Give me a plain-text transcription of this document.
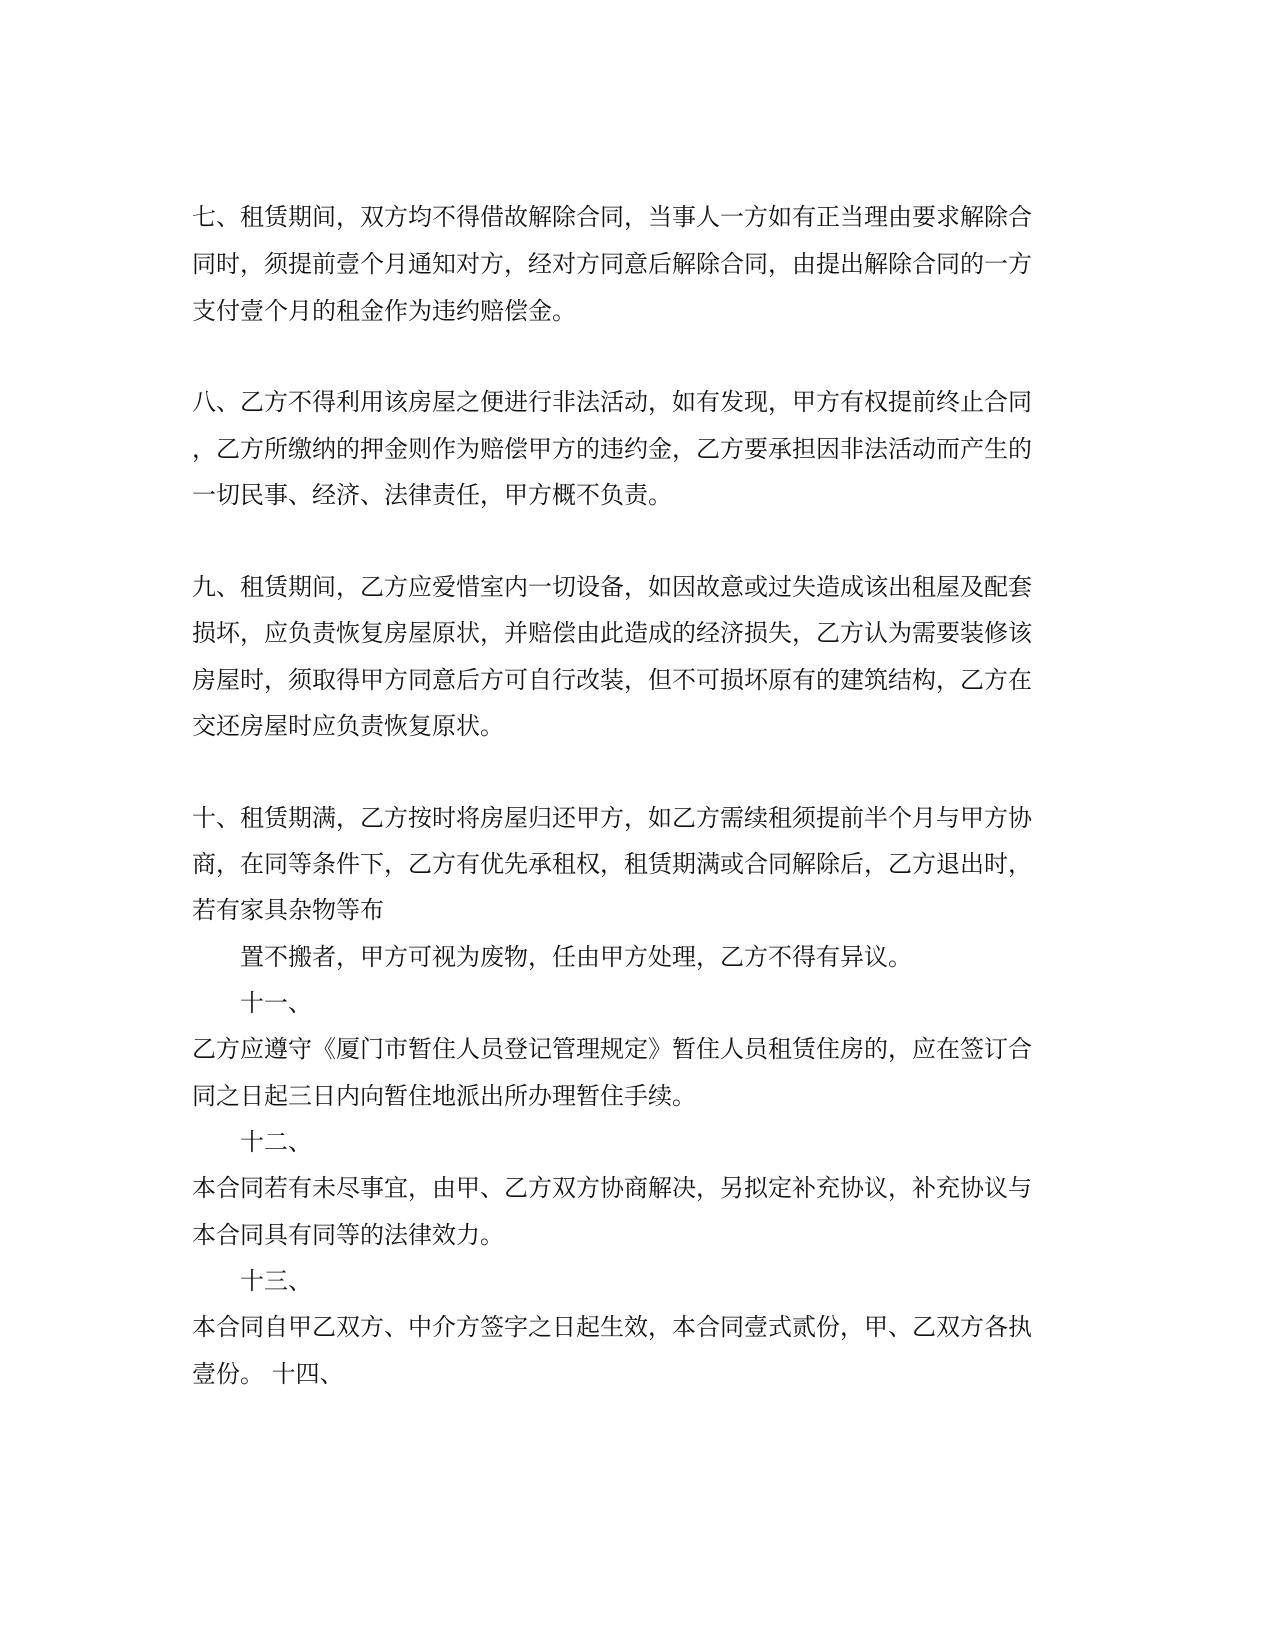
七、租赁期间，双方均不得借故解除合同，当事人一方如有正当理由要求解除合

同时，须提前壹个月通知对方，经对方同意后解除合同，由提出解除合同的一方

支付壹个月的租金作为违约赔偿金。

八、乙方不得利用该房屋之便进行非法活动，如有发现，甲方有权提前终止合同

，乙方所缴纳的押金则作为赔偿甲方的违约金，乙方要承担因非法活动而产生的

一切民事、经济、法律责任，甲方概不负责。

九、租赁期间，乙方应爱惜室内一切设备，如因故意或过失造成该出租屋及配套

损坏，应负责恢复房屋原状，并赔偿由此造成的经济损失，乙方认为需要装修该

房屋时，须取得甲方同意后方可自行改装，但不可损坏原有的建筑结构，乙方在

交还房屋时应负责恢复原状。

十、租赁期满，乙方按时将房屋归还甲方，如乙方需续租须提前半个月与甲方协

商，在同等条件下，乙方有优先承租权，租赁期满或合同解除后，乙方退出时，

若有家具杂物等布

置不搬者，甲方可视为废物，任由甲方处理，乙方不得有异议。

十一、

乙方应遵守《厦门市暂住人员登记管理规定》暂住人员租赁住房的，应在签订合

同之日起三日内向暂住地派出所办理暂住手续。

十二、

本合同若有未尽事宜，由甲、乙方双方协商解决，另拟定补充协议，补充协议与

本合同具有同等的法律效力。

十三、

本合同自甲乙双方、中介方签字之日起生效，本合同壹式贰份，甲、乙双方各执

壹份。 十四、
